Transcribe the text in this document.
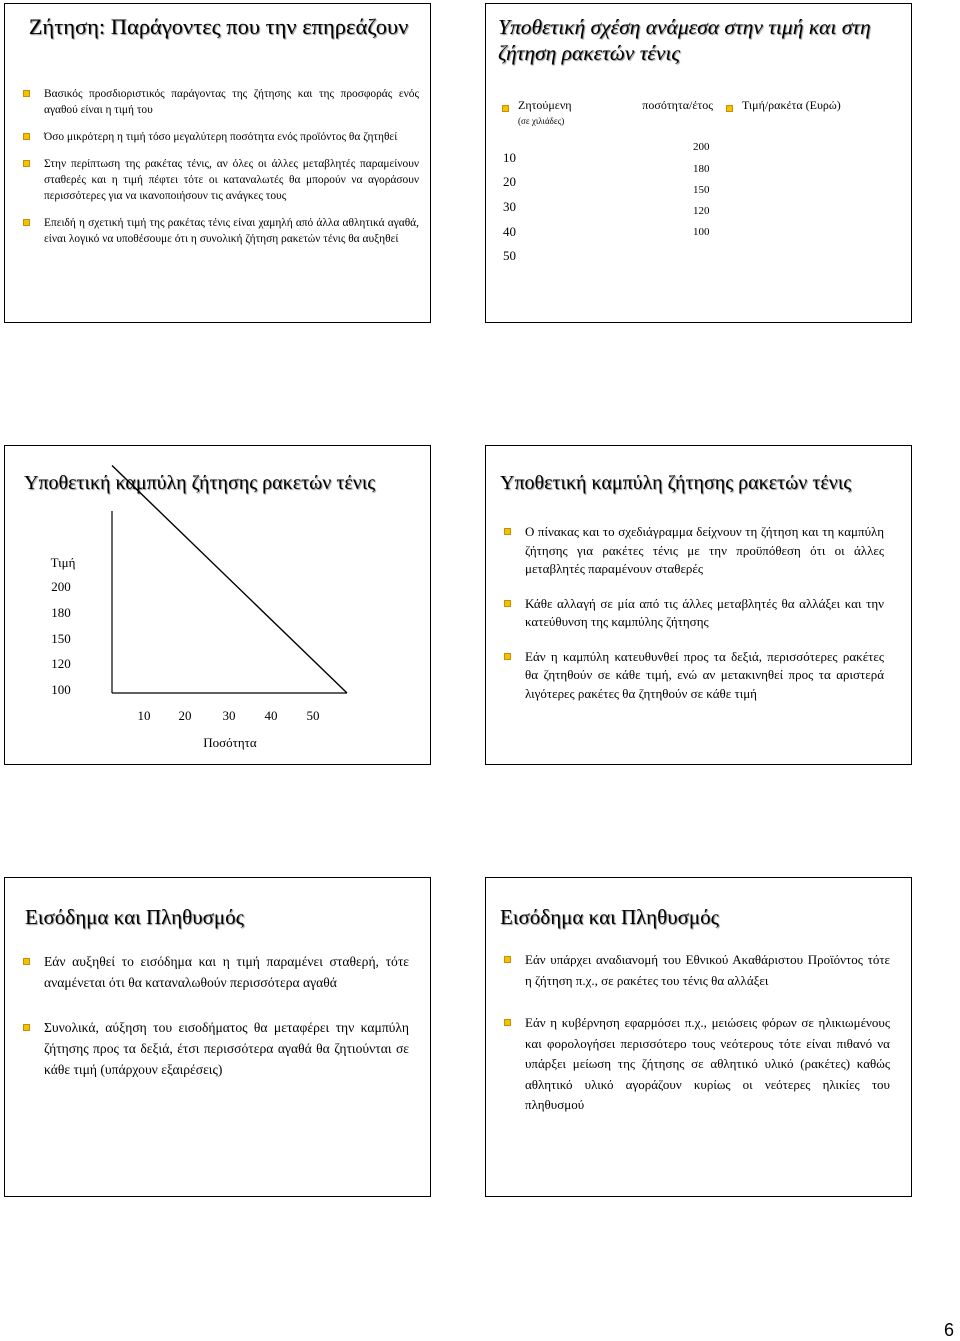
Ζήτηση: Παράγοντες που την επηρεάζουν
Βασικός προσδιοριστικός παράγοντας της ζήτησης και της προσφοράς ενός αγαθού είναι η τιμή του
Όσο μικρότερη η τιμή τόσο μεγαλύτερη ποσότητα ενός προϊόντος θα ζητηθεί
Στην περίπτωση της ρακέτας τένις, αν όλες οι άλλες μεταβλητές παραμείνουν σταθερές και η τιμή πέφτει τότε οι καταναλωτές θα μπορούν να αγοράσουν περισσότερες για να ικανοποιήσουν τις ανάγκες τους
Επειδή η σχετική τιμή της ρακέτας τένις είναι χαμηλή από άλλα αθλητικά αγαθά, είναι λογικό να υποθέσουμε ότι η συνολική ζήτηση ρακετών τένις θα αυξηθεί
Υποθετική σχέση ανάμεσα στην τιμή και στη ζήτηση ρακετών τένις
Ζητούμενη ποσότητα/έτος
(σε χιλιάδες)
Τιμή/ρακέτα (Ευρώ)
10
20
30
40
50
200
180
150
120
100
Υποθετική καμπύλη ζήτησης ρακετών τένις
Τιμή
200
180
150
120
100
10 20 30 40 50
Ποσότητα
Υποθετική καμπύλη ζήτησης ρακετών τένις
Ο πίνακας και το σχεδιάγραμμα δείχνουν τη ζήτηση και τη καμπύλη ζήτησης για ρακέτες τένις με την προϋπόθεση ότι οι άλλες μεταβλητές παραμένουν σταθερές
Κάθε αλλαγή σε μία από τις άλλες μεταβλητές θα αλλάξει και την κατεύθυνση της καμπύλης ζήτησης
Εάν η καμπύλη κατευθυνθεί προς τα δεξιά, περισσότερες ρακέτες θα ζητηθούν σε κάθε τιμή, ενώ αν μετακινηθεί προς τα αριστερά λιγότερες ρακέτες θα ζητηθούν σε κάθε τιμή
Εισόδημα και Πληθυσμός
Εάν αυξηθεί το εισόδημα και η τιμή παραμένει σταθερή, τότε αναμένεται ότι θα καταναλωθούν περισσότερα αγαθά
Συνολικά, αύξηση του εισοδήματος θα μεταφέρει την καμπύλη ζήτησης προς τα δεξιά, έτσι περισσότερα αγαθά θα ζητιούνται σε κάθε τιμή (υπάρχουν εξαιρέσεις)
Εισόδημα και Πληθυσμός
Εάν υπάρχει αναδιανομή του Εθνικού Ακαθάριστου Προϊόντος τότε η ζήτηση π.χ., σε ρακέτες του τένις θα αλλάξει
Εάν η κυβέρνηση εφαρμόσει π.χ., μειώσεις φόρων σε ηλικιωμένους και φορολογήσει περισσότερο τους νεότερους τότε είναι πιθανό να υπάρξει μείωση της ζήτησης σε αθλητικό υλικό (ρακέτες) καθώς αθλητικό υλικό αγοράζουν κυρίως οι νεότερες ηλικίες του πληθυσμού
6
